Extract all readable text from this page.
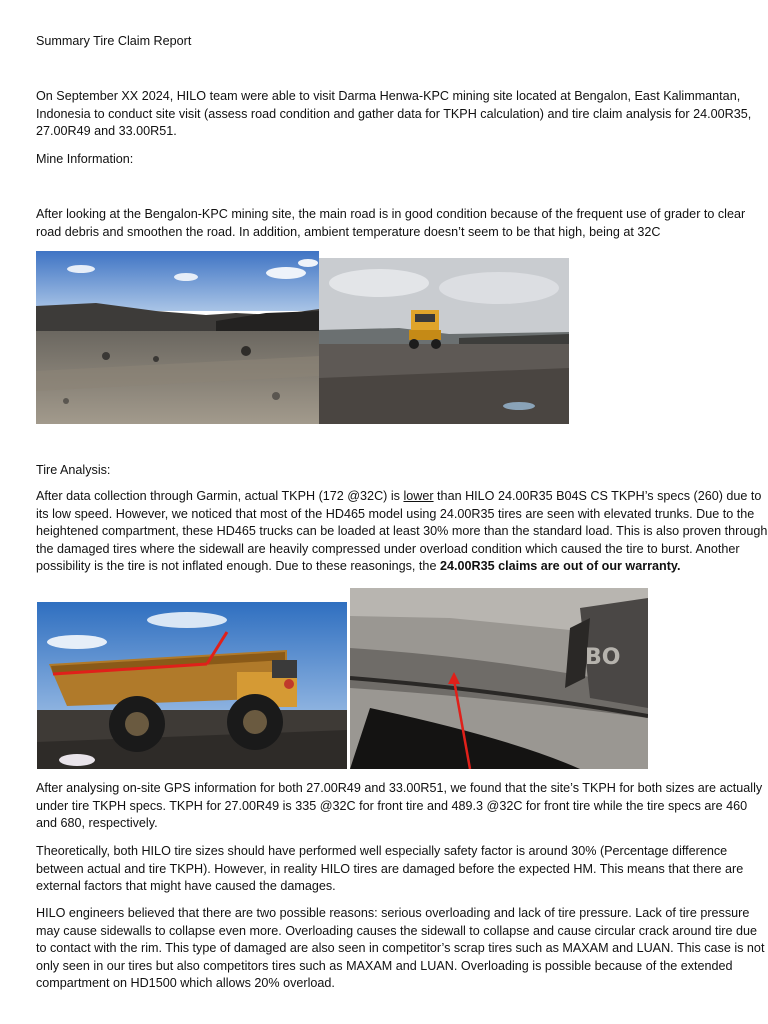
Summary Tire Claim Report

On September XX 2024, HILO team were able to visit Darma Henwa-KPC mining site located at Bengalon, East Kalimmantan, Indonesia to conduct site visit (assess road condition and gather data for TKPH calculation) and tire claim analysis for 24.00R35, 27.00R49 and 33.00R51.

Mine Information:

After looking at the Bengalon-KPC mining site, the main road is in good condition because of the frequent use of grader to clear road debris and smoothen the road. In addition, ambient temperature doesn’t seem to be that high, being at 32C

Tire Analysis:

After data collection through Garmin, actual TKPH (172 @32C) is lower than HILO 24.00R35 B04S CS TKPH’s specs (260) due to its low speed. However, we noticed that most of the HD465 model using 24.00R35 tires are seen with elevated trunks. Due to the heightened compartment, these HD465 trucks can be loaded at least 30% more than the standard load. This is also proven through the damaged tires where the sidewall are heavily compressed under overload condition which caused the tire to burst. Another possibility is the tire is not inflated enough. Due to these reasonings, the 24.00R35 claims are out of our warranty.

BO

After analysing on-site GPS information for both 27.00R49 and 33.00R51, we found that the site’s TKPH for both sizes are actually under tire TKPH specs. TKPH for 27.00R49 is 335 @32C for front tire and 489.3 @32C for front tire while the tire specs are 460 and 680, respectively.

Theoretically, both HILO tire sizes should have performed well especially safety factor is around 30% (Percentage difference between actual and tire TKPH). However, in reality HILO tires are damaged before the expected HM. This means that there are external factors that might have caused the damages.

HILO engineers believed that there are two possible reasons: serious overloading and lack of tire pressure. Lack of tire pressure may cause sidewalls to collapse even more. Overloading causes the sidewall to collapse and cause circular crack around tire due to contact with the rim. This type of damaged are also seen in competitor’s scrap tires such as MAXAM and LUAN. This case is not only seen in our tires but also competitors tires such as MAXAM and LUAN. Overloading is possible because of the extended compartment on HD1500 which allows 20% overload.
